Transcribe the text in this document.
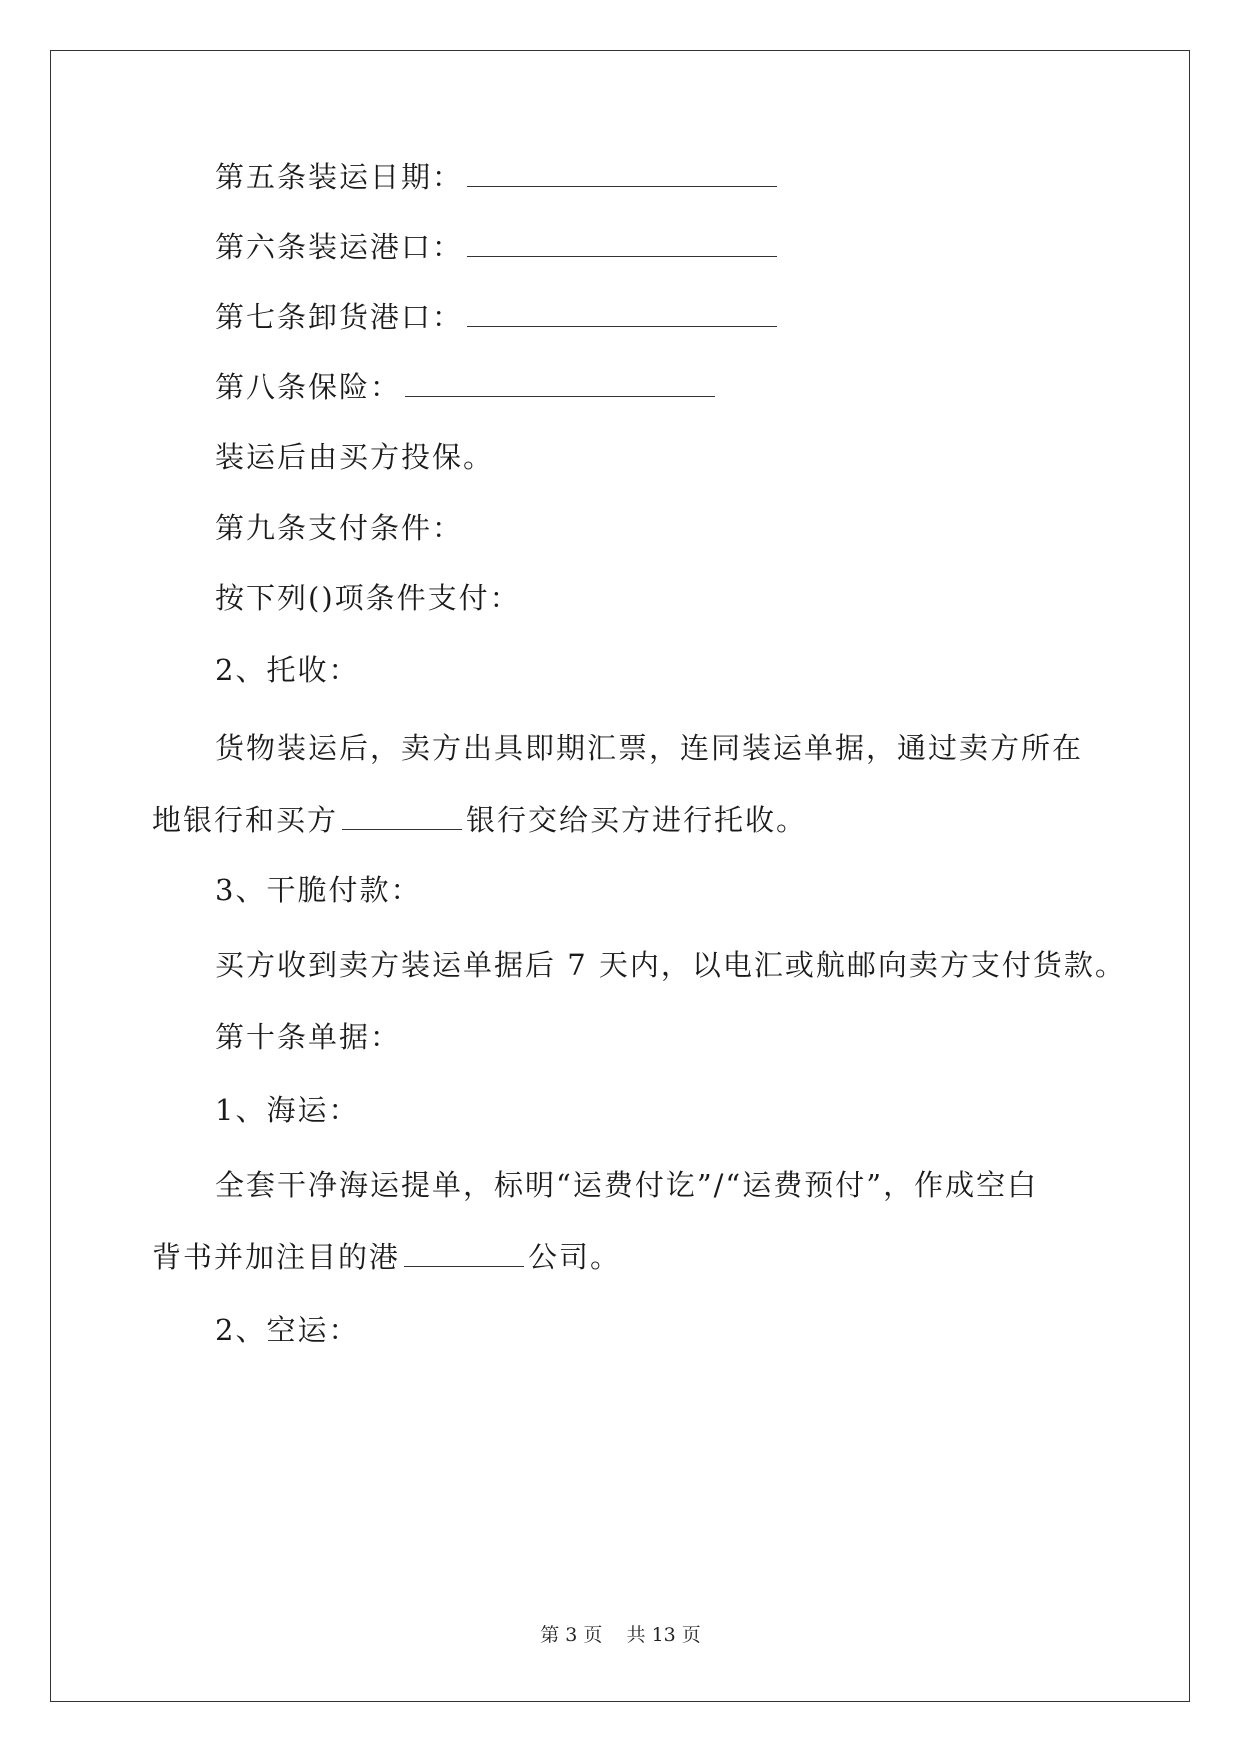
第五条装运日期：
第六条装运港口：
第七条卸货港口：
第八条保险：
装运后由买方投保。
第九条支付条件：
按下列()项条件支付：
2、托收：
货物装运后，卖方出具即期汇票，连同装运单据，通过卖方所在
地银行和买方	银行交给买方进行托收。
3、干脆付款：
买方收到卖方装运单据后 7 天内，以电汇或航邮向卖方支付货款。
第十条单据：
1、海运：
全套干净海运提单，标明“运费付讫”/“运费预付”，作成空白
背书并加注目的港	公司。
2、空运：
第 3 页 共 13 页
